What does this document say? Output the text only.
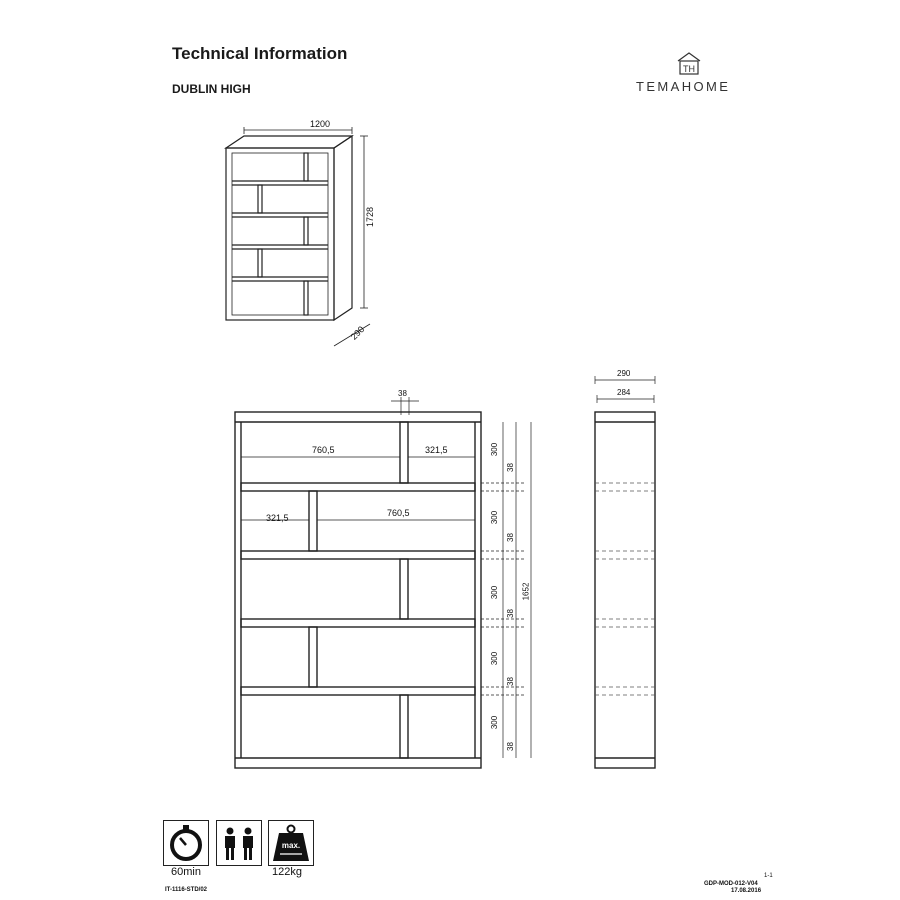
Technical Information
DUBLIN HIGH
TH
TEMAHOME
1200
1728
290
38
760,5	321,5
321,5	760,5
300
300
300
300
300
38
38
38
38
38
1652
290
284
60min
max.
122kg
IT-1116-STD/02
1-1
GDP-MOD-012-V04
17.08.2016
